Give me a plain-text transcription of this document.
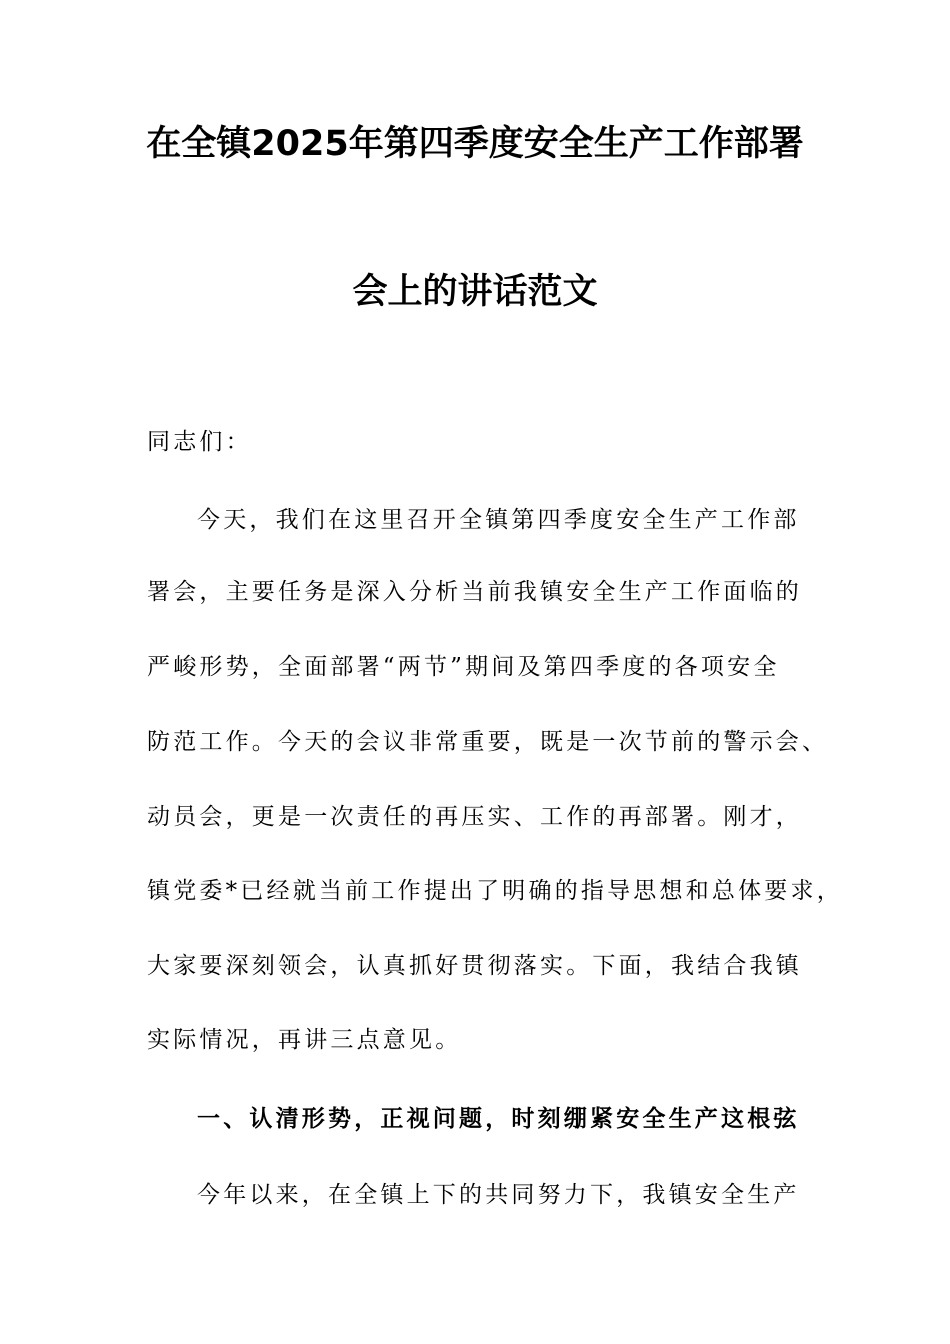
在全镇2025年第四季度安全生产工作部署
会上的讲话范文
同志们：
今天，我们在这里召开全镇第四季度安全生产工作部
署会，主要任务是深入分析当前我镇安全生产工作面临的
严峻形势，全面部署“两节”期间及第四季度的各项安全
防范工作。今天的会议非常重要，既是一次节前的警示会、
动员会，更是一次责任的再压实、工作的再部署。刚才，
镇党委*已经就当前工作提出了明确的指导思想和总体要求，
大家要深刻领会，认真抓好贯彻落实。下面，我结合我镇
实际情况，再讲三点意见。
一、认清形势，正视问题，时刻绷紧安全生产这根弦
今年以来，在全镇上下的共同努力下，我镇安全生产
